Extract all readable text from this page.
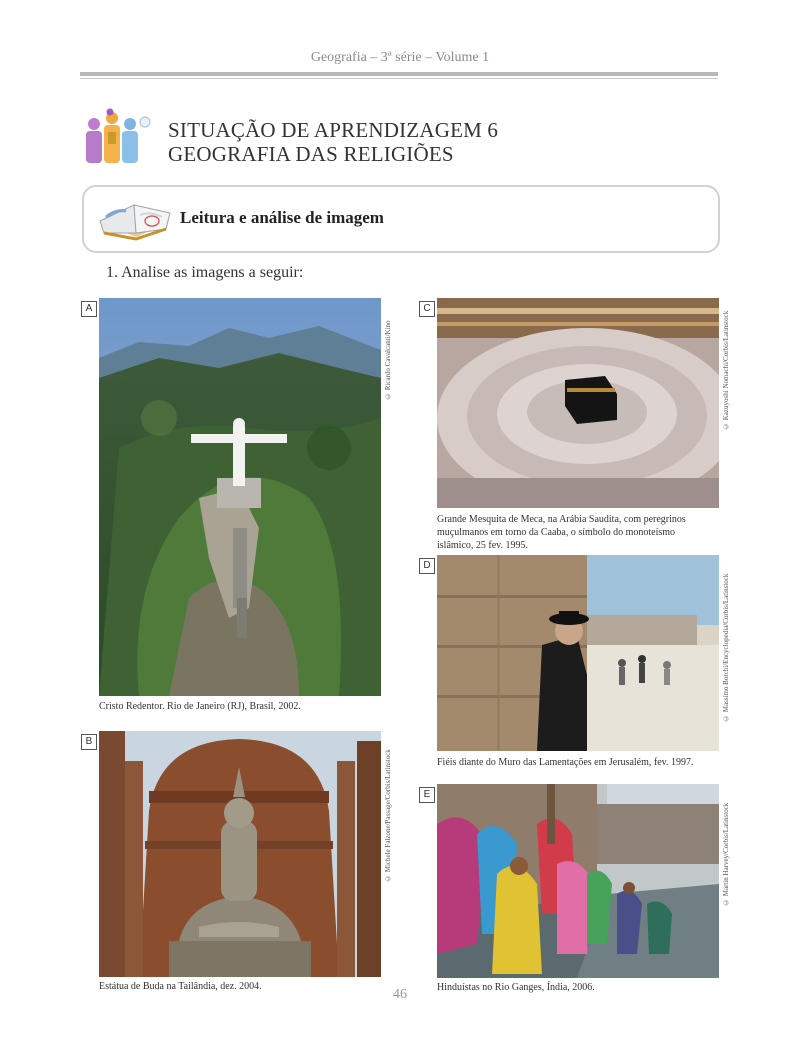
Geografia – 3ª série – Volume 1
SITUAÇÃO DE APRENDIZAGEM 6
GEOGRAFIA DAS RELIGIÕES
Leitura e análise de imagem
1. Analise as imagens a seguir:
A
© Ricardo Cavalcanti/Kino
Cristo Redentor. Rio de Janeiro (RJ), Brasil, 2002.
B
© Michele Falzone/Passage/Corbis/Latinstock
Estátua de Buda na Tailândia, dez. 2004.
C
© Kazuyoshi Nomachi/Corbis/Latinstock
Grande Mesquita de Meca, na Arábia Saudita, com peregrinos
muçulmanos em torno da Caaba, o símbolo do monoteísmo
islâmico, 25 fev. 1995.
D
© Massimo Borchi/Encyclopedia/Corbis/Latinstock
Fiéis diante do Muro das Lamentações em Jerusalém, fev. 1997.
E
© Martin Harvey/Corbis/Latinstock
Hinduístas no Rio Ganges, Índia, 2006.
46
